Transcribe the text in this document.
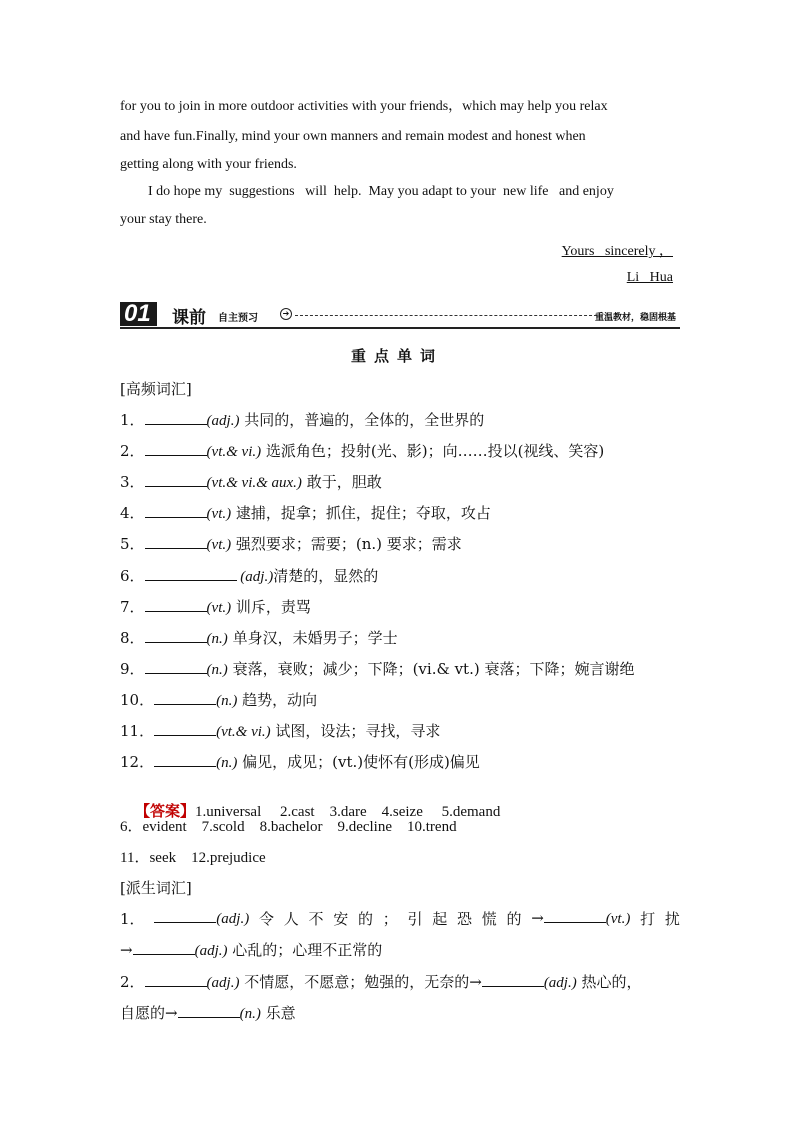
for you to join in more outdoor activities with your friends，which may help you relax
and have fun.Finally, mind your own manners and remain modest and honest when
getting along with your friends.
I do hope my  suggestions   will  help.  May you adapt to your  new life   and enjoy
your stay there.
Yours   sincerely ，
Li   Hua
01	课前 自主预习	➔	重温教材，稳固根基
重点单词
[高频词汇]
1．	(adj.) 共同的，普遍的，全体的，全世界的
2．	(vt.& vi.) 选派角色；投射(光、影)；向……投以(视线、笑容)
3．	(vt.& vi.& aux.) 敢于，胆敢
4．	(vt.) 逮捕，捉拿；抓住，捉住；夺取，攻占
5．	(vt.) 强烈要求；需要；(n.) 要求；需求
6．	(adj.)清楚的，显然的
7．	(vt.) 训斥，责骂
8．	(n.) 单身汉，未婚男子；学士
9．	(n.) 衰落，衰败；减少；下降；(vi.& vt.) 衰落；下降；婉言谢绝
10．	(n.) 趋势，动向
11．	(vt.& vi.) 试图，设法；寻找，寻求
12．	(n.) 偏见，成见；(vt.)使怀有(形成)偏见

【答案】1.universal　 2.cast　3.dare　4.seize　 5.demand

6．evident　7.scold　8.bachelor　9.decline　10.trend
11．seek　12.prejudice
[派生词汇]
1．	(adj.) 令 人 不 安 的 ； 引 起 恐 慌 的 →	(vt.) 打 扰
→	(adj.) 心乱的；心理不正常的
2．	(adj.) 不情愿，不愿意；勉强的，无奈的→	(adj.) 热心的，
自愿的→	(n.) 乐意
